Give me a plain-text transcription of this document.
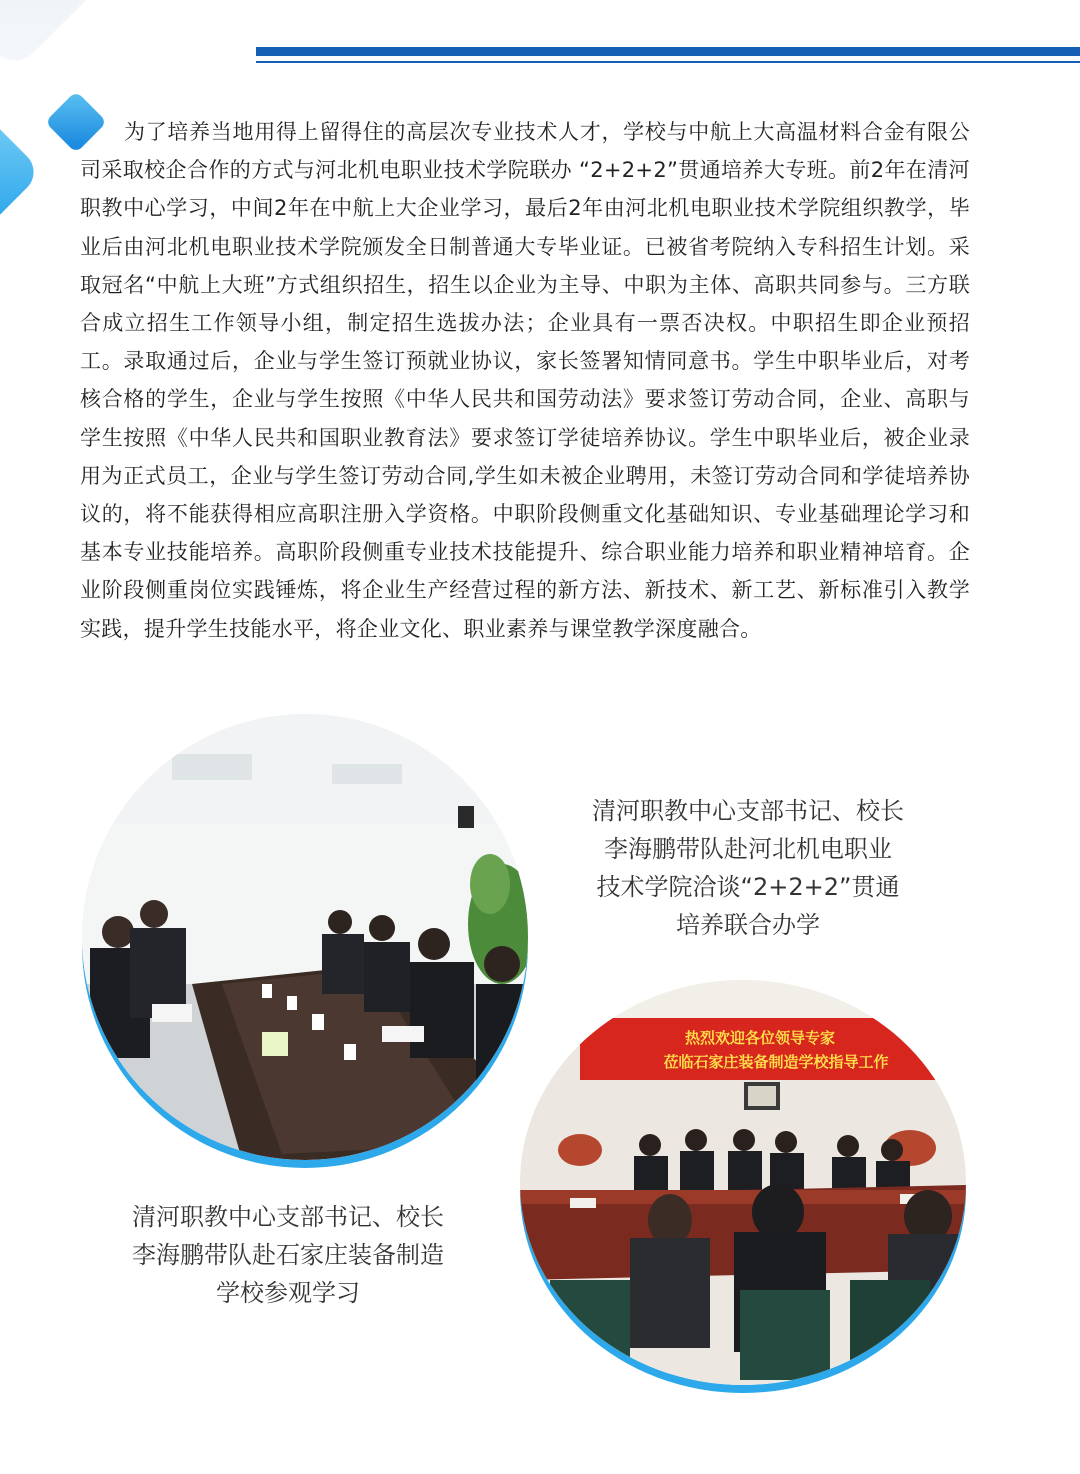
为了培养当地用得上留得住的高层次专业技术人才，学校与中航上大高温材料合金有限公司采取校企合作的方式与河北机电职业技术学院联办 “2+2+2”贯通培养大专班。前2年在清河职教中心学习，中间2年在中航上大企业学习，最后2年由河北机电职业技术学院组织教学，毕业后由河北机电职业技术学院颁发全日制普通大专毕业证。已被省考院纳入专科招生计划。采取冠名“中航上大班”方式组织招生，招生以企业为主导、中职为主体、高职共同参与。三方联合成立招生工作领导小组，制定招生选拔办法；企业具有一票否决权。中职招生即企业预招工。录取通过后，企业与学生签订预就业协议，家长签署知情同意书。学生中职毕业后，对考核合格的学生，企业与学生按照《中华人民共和国劳动法》要求签订劳动合同，企业、高职与学生按照《中华人民共和国职业教育法》要求签订学徒培养协议。学生中职毕业后，被企业录用为正式员工，企业与学生签订劳动合同,学生如未被企业聘用，未签订劳动合同和学徒培养协议的，将不能获得相应高职注册入学资格。中职阶段侧重文化基础知识、专业基础理论学习和基本专业技能培养。高职阶段侧重专业技术技能提升、综合职业能力培养和职业精神培育。企业阶段侧重岗位实践锤炼，将企业生产经营过程的新方法、新技术、新工艺、新标准引入教学实践，提升学生技能水平，将企业文化、职业素养与课堂教学深度融合。

清河职教中心支部书记、校长
李海鹏带队赴河北机电职业
技术学院洽谈“2+2+2”贯通
培养联合办学

热烈欢迎各位领导专家
莅临石家庄装备制造学校指导工作

清河职教中心支部书记、校长
李海鹏带队赴石家庄装备制造
学校参观学习
